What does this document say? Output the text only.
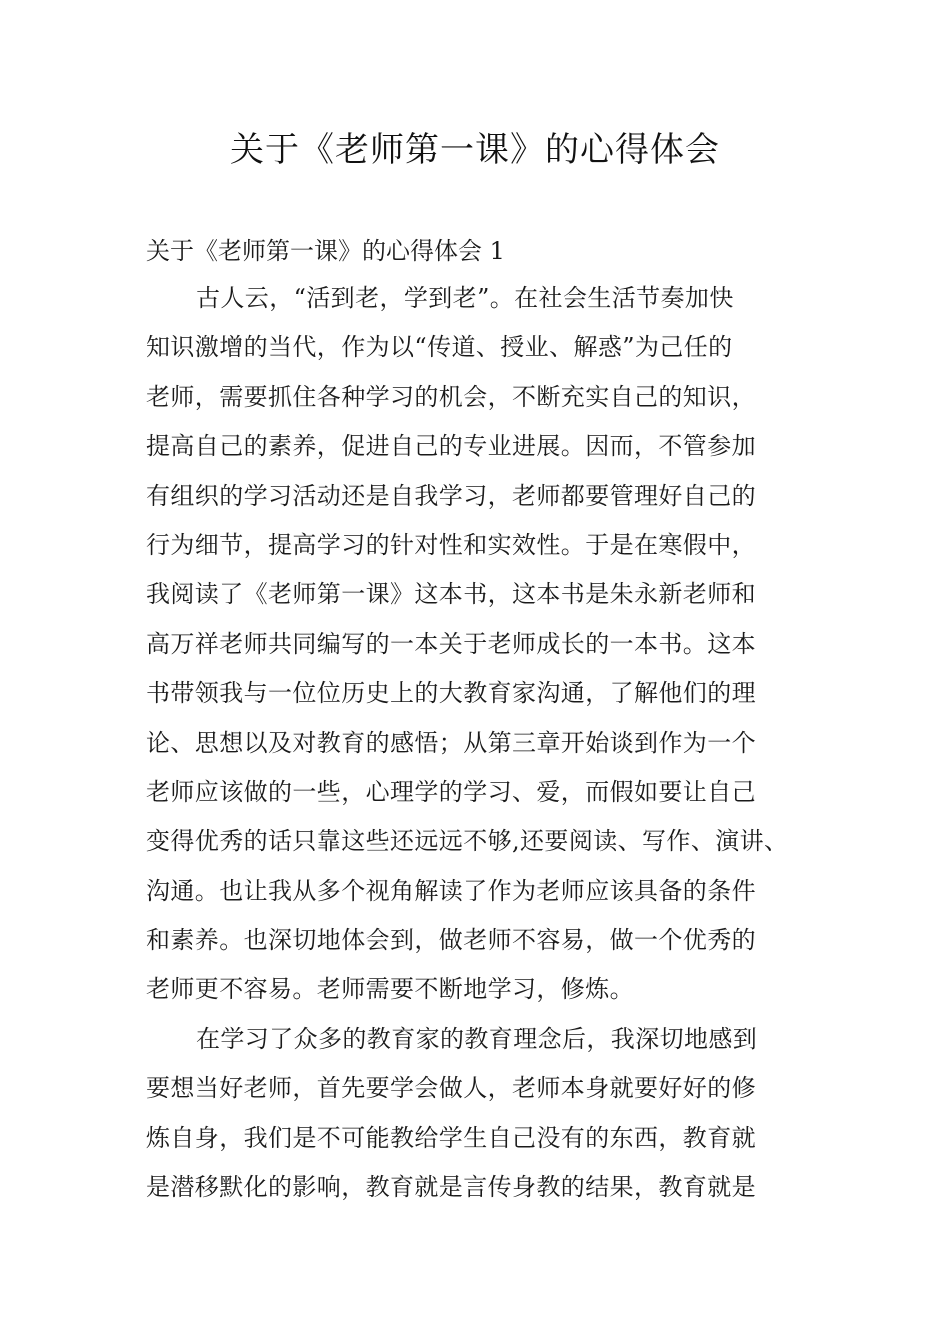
关于《老师第一课》的心得体会

关于《老师第一课》的心得体会 1

古人云，“活到老，学到老”。在社会生活节奏加快
知识激增的当代，作为以“传道、授业、解惑”为己任的
老师，需要抓住各种学习的机会，不断充实自己的知识，
提高自己的素养，促进自己的专业进展。因而，不管参加
有组织的学习活动还是自我学习，老师都要管理好自己的
行为细节，提高学习的针对性和实效性。于是在寒假中，
我阅读了《老师第一课》这本书，这本书是朱永新老师和
高万祥老师共同编写的一本关于老师成长的一本书。这本
书带领我与一位位历史上的大教育家沟通，了解他们的理
论、思想以及对教育的感悟；从第三章开始谈到作为一个
老师应该做的一些，心理学的学习、爱，而假如要让自己
变得优秀的话只靠这些还远远不够,还要阅读、写作、演讲、
沟通。也让我从多个视角解读了作为老师应该具备的条件
和素养。也深切地体会到，做老师不容易，做一个优秀的
老师更不容易。老师需要不断地学习，修炼。
在学习了众多的教育家的教育理念后，我深切地感到
要想当好老师，首先要学会做人，老师本身就要好好的修
炼自身，我们是不可能教给学生自己没有的东西，教育就
是潜移默化的影响，教育就是言传身教的结果，教育就是
